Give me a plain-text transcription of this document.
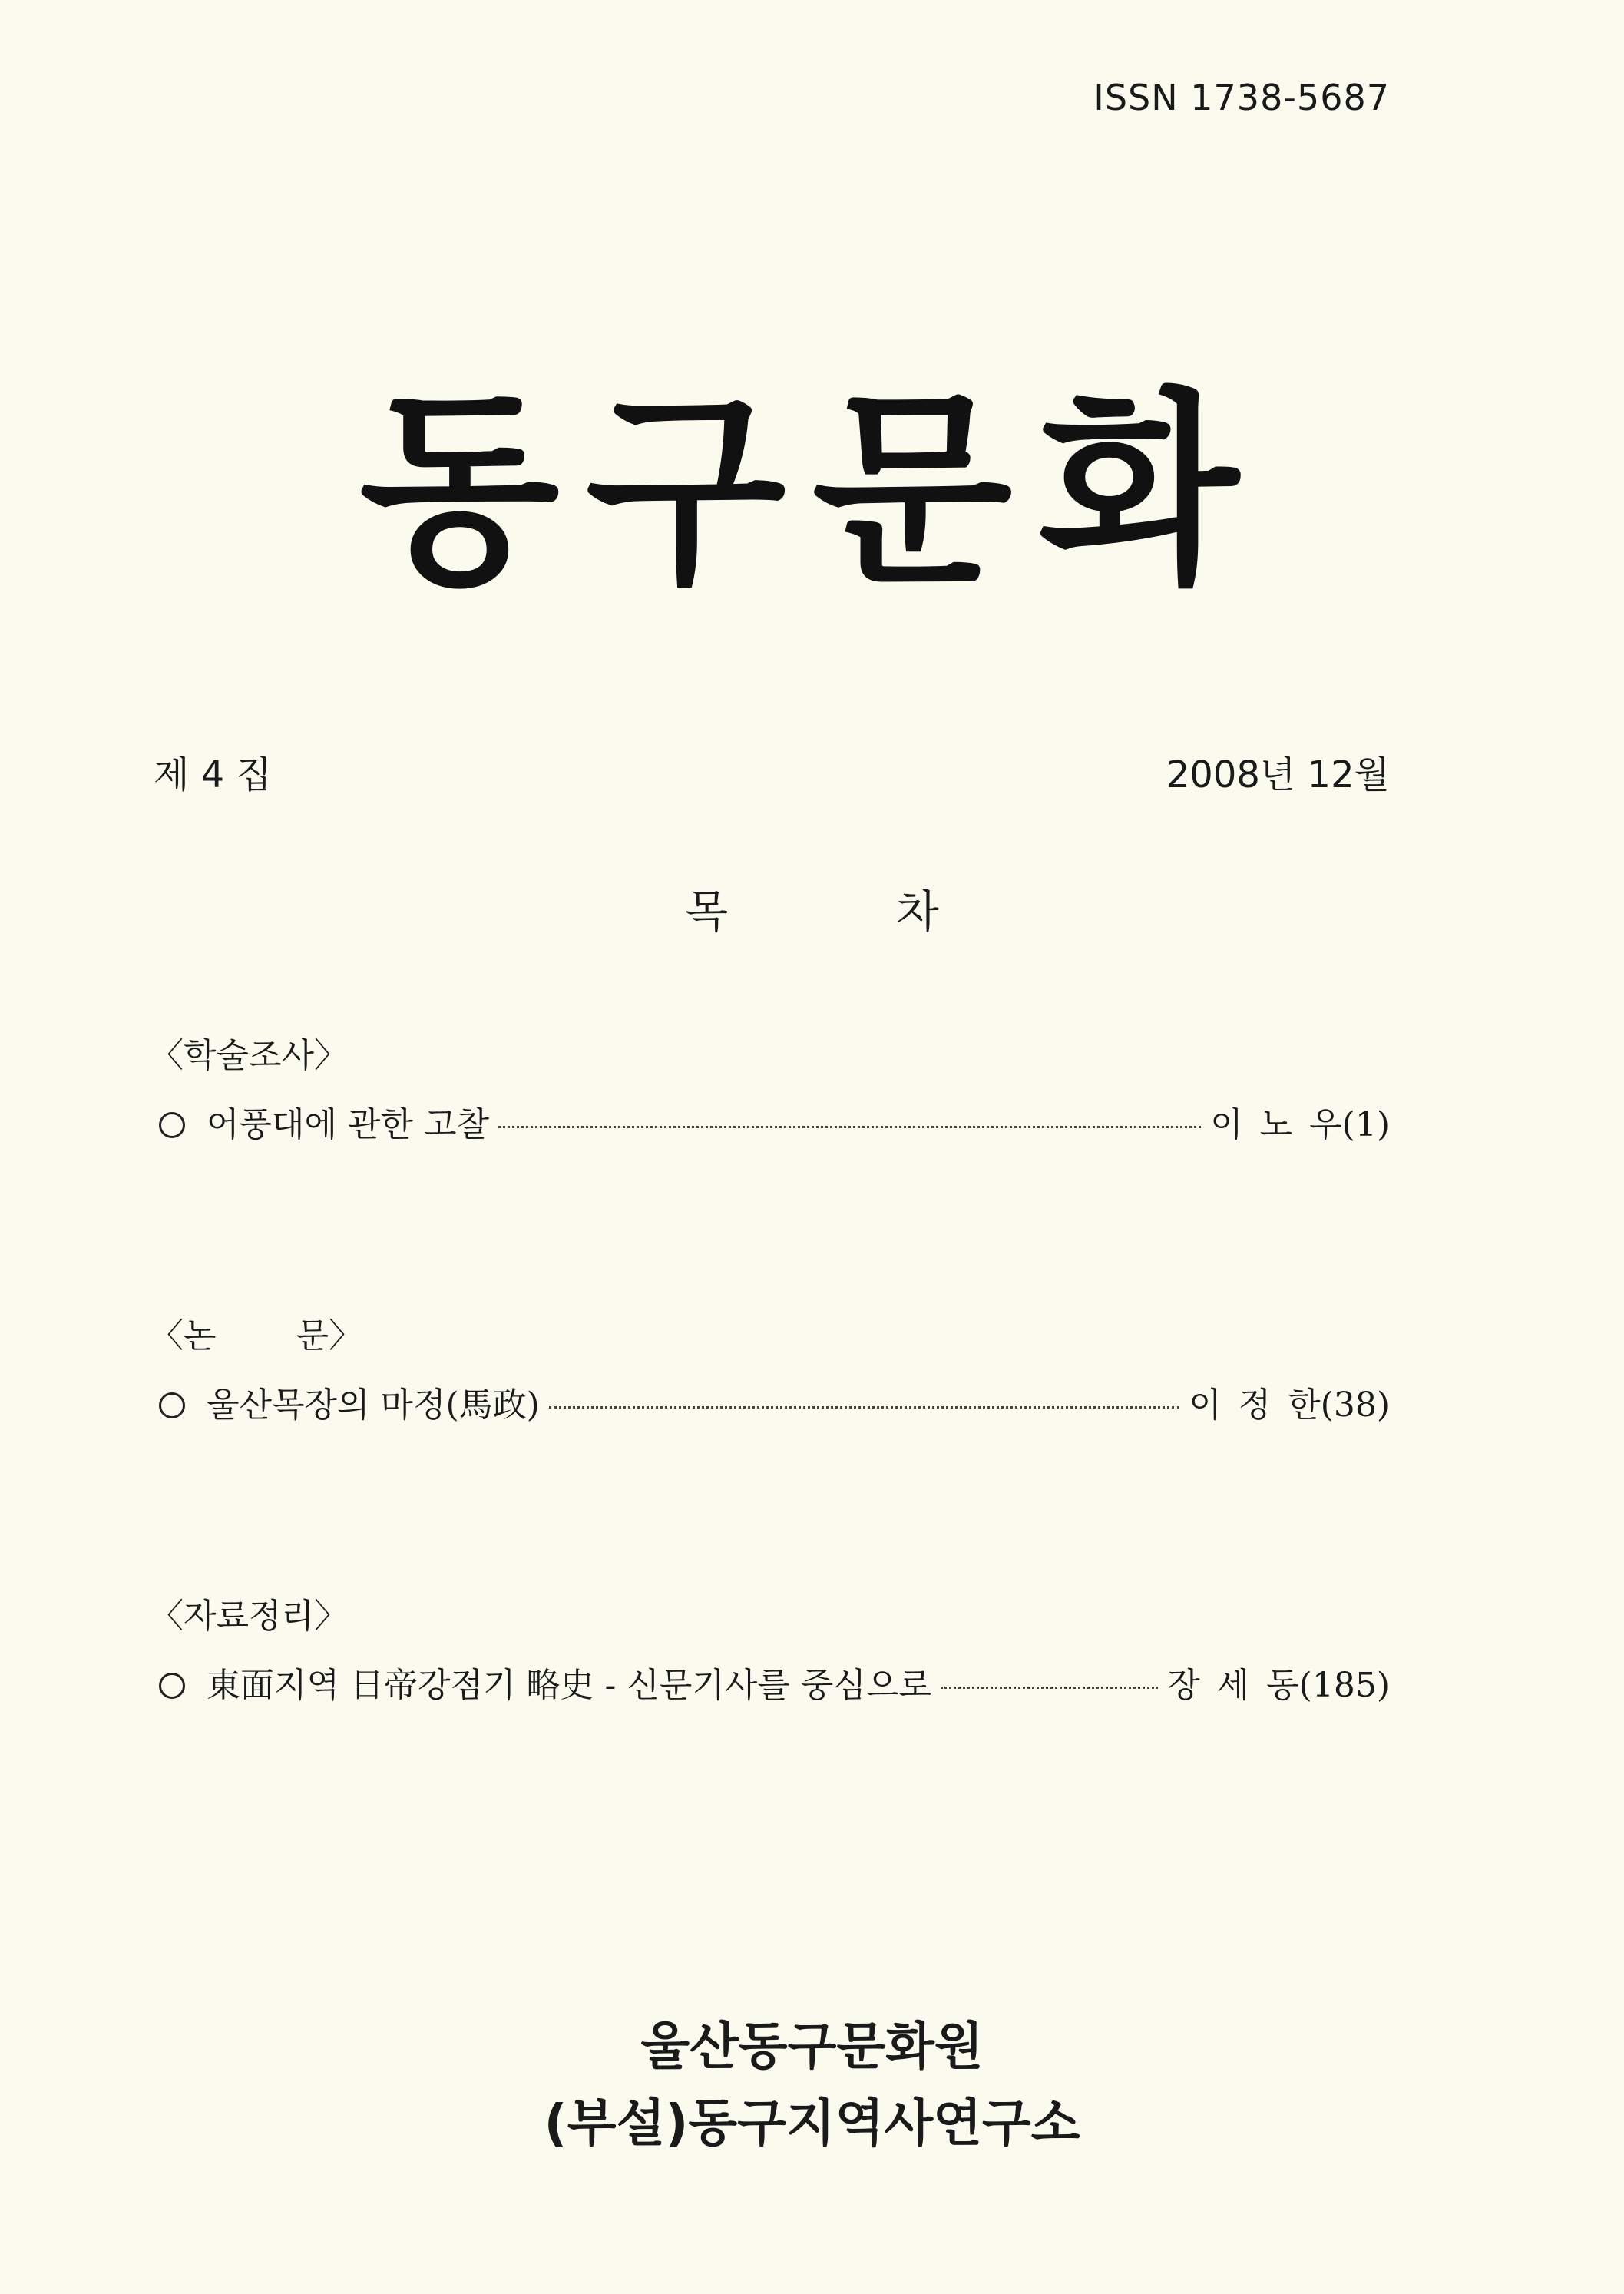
ISSN 1738-5687
동구문화
제 4 집	2008년 12월
목 차
〈학술조사〉
어풍대에 관한 고찰	이 노 우 (1)
〈논 문〉
울산목장의 마정(馬政)	이 정 한 (38)
〈자료정리〉
東面지역 日帝강점기 略史 - 신문기사를 중심으로	장 세 동 (185)
울산동구문화원
(부설)동구지역사연구소
